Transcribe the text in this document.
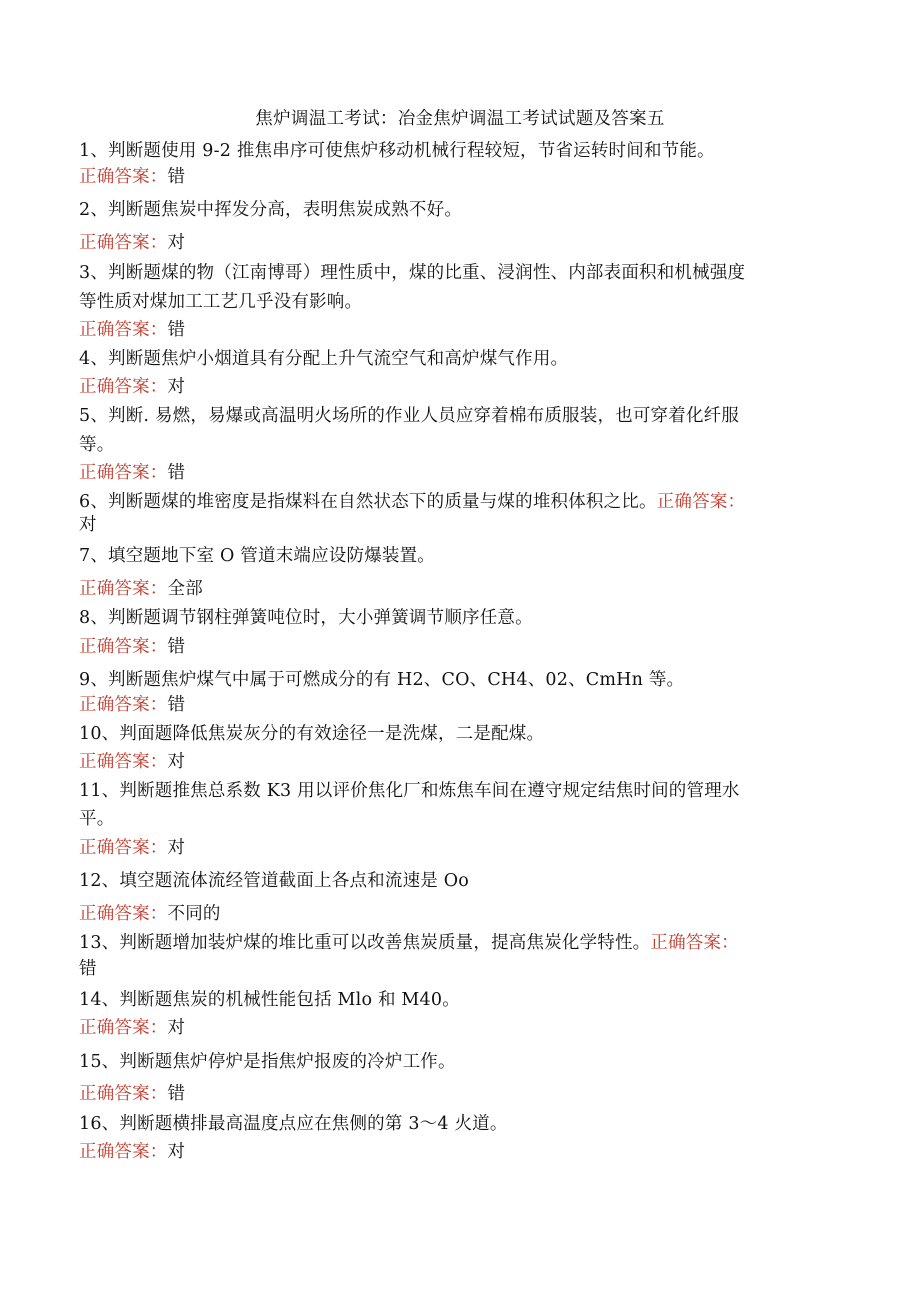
焦炉调温工考试：冶金焦炉调温工考试试题及答案五
1、判断题使用 9-2 推焦串序可使焦炉移动机械行程较短，节省运转时间和节能。
正确答案：错
2、判断题焦炭中挥发分高，表明焦炭成熟不好。
正确答案：对
3、判断题煤的物（江南博哥）理性质中，煤的比重、浸润性、内部表面积和机械强度
等性质对煤加工工艺几乎没有影响。
正确答案：错
4、判断题焦炉小烟道具有分配上升气流空气和高炉煤气作用。
正确答案：对
5、判断. 易燃，易爆或高温明火场所的作业人员应穿着棉布质服装，也可穿着化纤服
等。
正确答案：错
6、判断题煤的堆密度是指煤料在自然状态下的质量与煤的堆积体积之比。正确答案：
对
7、填空题地下室 O 管道末端应设防爆装置。
正确答案：全部
8、判断题调节钢柱弹簧吨位时，大小弹簧调节顺序任意。
正确答案：错
9、判断题焦炉煤气中属于可燃成分的有 H2、CO、CH4、02、CmHn 等。
正确答案：错
10、判面题降低焦炭灰分的有效途径一是洗煤，二是配煤。
正确答案：对
11、判断题推焦总系数 K3 用以评价焦化厂和炼焦车间在遵守规定结焦时间的管理水
平。
正确答案：对
12、填空题流体流经管道截面上各点和流速是 Oo
正确答案：不同的
13、判断题增加装炉煤的堆比重可以改善焦炭质量，提高焦炭化学特性。正确答案：
错
14、判断题焦炭的机械性能包括 Mlo 和 M40。
正确答案：对
15、判断题焦炉停炉是指焦炉报废的冷炉工作。
正确答案：错
16、判断题横排最高温度点应在焦侧的第 3～4 火道。
正确答案：对
